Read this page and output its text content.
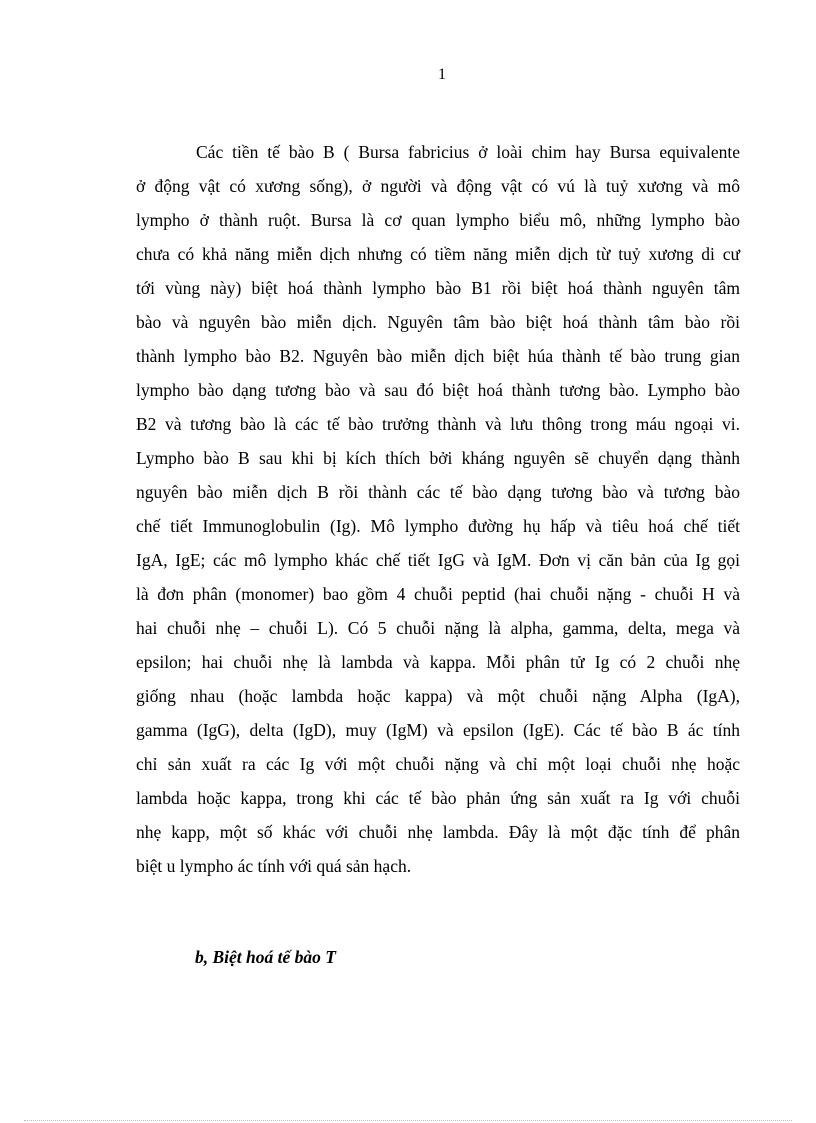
1
Các tiền tế bào B ( Bursa fabricius ở loài chim hay Bursa equivalente
ở động vật có xương sống), ở người và động vật có vú là tuỷ xương và mô
lympho ở thành ruột. Bursa là cơ quan lympho biểu mô, những lympho bào
chưa có khả năng miễn dịch nhưng có tiềm năng miễn dịch từ tuỷ xương di cư
tới vùng này) biệt hoá thành lympho bào B1 rồi biệt hoá thành nguyên tâm
bào và nguyên bào miễn dịch. Nguyên tâm bào biệt hoá thành tâm bào rồi
thành lympho bào B2. Nguyên bào miễn dịch biệt húa thành tế bào trung gian
lympho bào dạng tương bào và sau đó biệt hoá thành tương bào. Lympho bào
B2 và tương bào là các tế bào trưởng thành và lưu thông trong máu ngoại vi.
Lympho bào B sau khi bị kích thích bởi kháng nguyên sẽ chuyển dạng thành
nguyên bào miễn dịch B rồi thành các tế bào dạng tương bào và tương bào
chế tiết Immunoglobulin (Ig). Mô lympho đường hụ hấp và tiêu hoá chế tiết
IgA, IgE; các mô lympho khác chế tiết IgG và IgM. Đơn vị căn bản của Ig gọi
là đơn phân (monomer) bao gồm 4 chuỗi peptid (hai chuỗi nặng - chuỗi H và
hai chuỗi nhẹ – chuỗi L). Có 5 chuỗi nặng là alpha, gamma, delta, mega và
epsilon; hai chuỗi nhẹ là lambda và kappa. Mỗi phân tử Ig có 2 chuỗi nhẹ
giống nhau (hoặc lambda hoặc kappa) và một chuỗi nặng Alpha (IgA),
gamma (IgG), delta (IgD), muy (IgM) và epsilon (IgE). Các tế bào B ác tính
chỉ sản xuất ra các Ig với một chuỗi nặng và chỉ một loại chuỗi nhẹ hoặc
lambda hoặc kappa, trong khi các tế bào phản ứng sản xuất ra Ig với chuỗi
nhẹ kapp, một số khác với chuỗi nhẹ lambda. Đây là một đặc tính để phân
biệt u lympho ác tính với quá sản hạch.
b, Biệt hoá tế bào T
